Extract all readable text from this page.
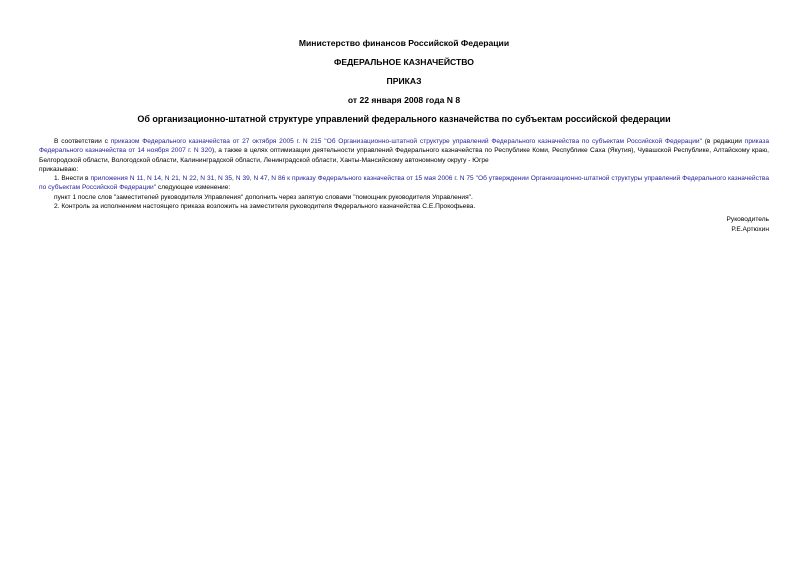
Министерство финансов Российской Федерации
ФЕДЕРАЛЬНОЕ КАЗНАЧЕЙСТВО
ПРИКАЗ
от 22 января 2008 года N 8
Об организационно-штатной структуре управлений федерального казначейства по субъектам российской федерации

В соответствии с приказом Федерального казначейства от 27 октября 2005 г. N 215 "Об Организационно-штатной структуре управлений Федерального казначейства по субъектам Российской Федерации" (в редакции приказа Федерального казначейства от 14 ноября 2007 г. N 320), а также в целях оптимизации деятельности управлений Федерального казначейства по Республике Коми, Республике Саха (Якутия), Чувашской Республике, Алтайскому краю, Белгородской области, Вологодской области, Калининградской области, Ленинградской области, Ханты-Мансийскому автономному округу - Югре

приказываю:

1. Внести в приложения N 11, N 14, N 21, N 22, N 31, N 35, N 39, N 47, N 86 к приказу Федерального казначейства от 15 мая 2006 г. N 75 "Об утверждении Организационно-штатной структуры управлений Федерального казначейства по субъектам Российской Федерации" следующее изменение:

пункт 1 после слов "заместителей руководителя Управления" дополнить через запятую словами "помощник руководителя Управления".

2. Контроль за исполнением настоящего приказа возложить на заместителя руководителя Федерального казначейства С.Е.Прокофьева.

Руководитель
Р.Е.Артюхин
